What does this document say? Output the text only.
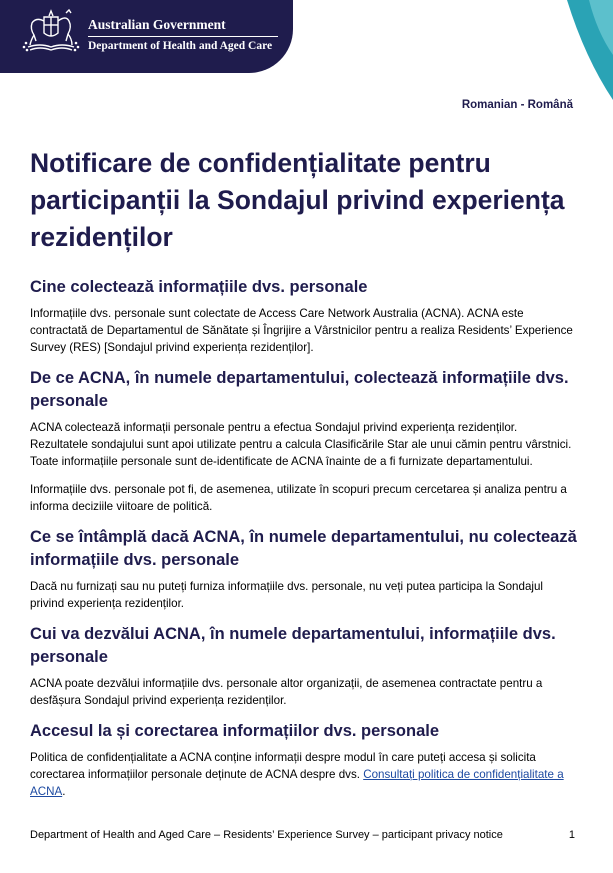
Australian Government
Department of Health and Aged Care
Romanian - Română
Notificare de confidențialitate pentru participanții la Sondajul privind experiența rezidenților
Cine colectează informațiile dvs. personale

Informațiile dvs. personale sunt colectate de Access Care Network Australia (ACNA). ACNA este contractată de Departamentul de Sănătate și Îngrijire a Vârstnicilor pentru a realiza Residents’ Experience Survey (RES) [Sondajul privind experiența rezidenților].

De ce ACNA, în numele departamentului, colectează informațiile dvs. personale

ACNA colectează informații personale pentru a efectua Sondajul privind experiența rezidenților. Rezultatele sondajului sunt apoi utilizate pentru a calcula Clasificările Star ale unui cămin pentru vârstnici. Toate informațiile personale sunt de-identificate de ACNA înainte de a fi furnizate departamentului.

Informațiile dvs. personale pot fi, de asemenea, utilizate în scopuri precum cercetarea și analiza pentru a informa deciziile viitoare de politică.

Ce se întâmplă dacă ACNA, în numele departamentului, nu colectează informațiile dvs. personale

Dacă nu furnizați sau nu puteți furniza informațiile dvs. personale, nu veți putea participa la Sondajul privind experiența rezidenților.

Cui va dezvălui ACNA, în numele departamentului, informațiile dvs. personale

ACNA poate dezvălui informațiile dvs. personale altor organizații, de asemenea contractate pentru a desfășura Sondajul privind experiența rezidenților.

Accesul la și corectarea informațiilor dvs. personale

Politica de confidențialitate a ACNA conține informații despre modul în care puteți accesa și solicita corectarea informațiilor personale deținute de ACNA despre dvs. Consultați politica de confidențialitate a ACNA.

Department of Health and Aged Care – Residents’ Experience Survey – participant privacy notice	1
